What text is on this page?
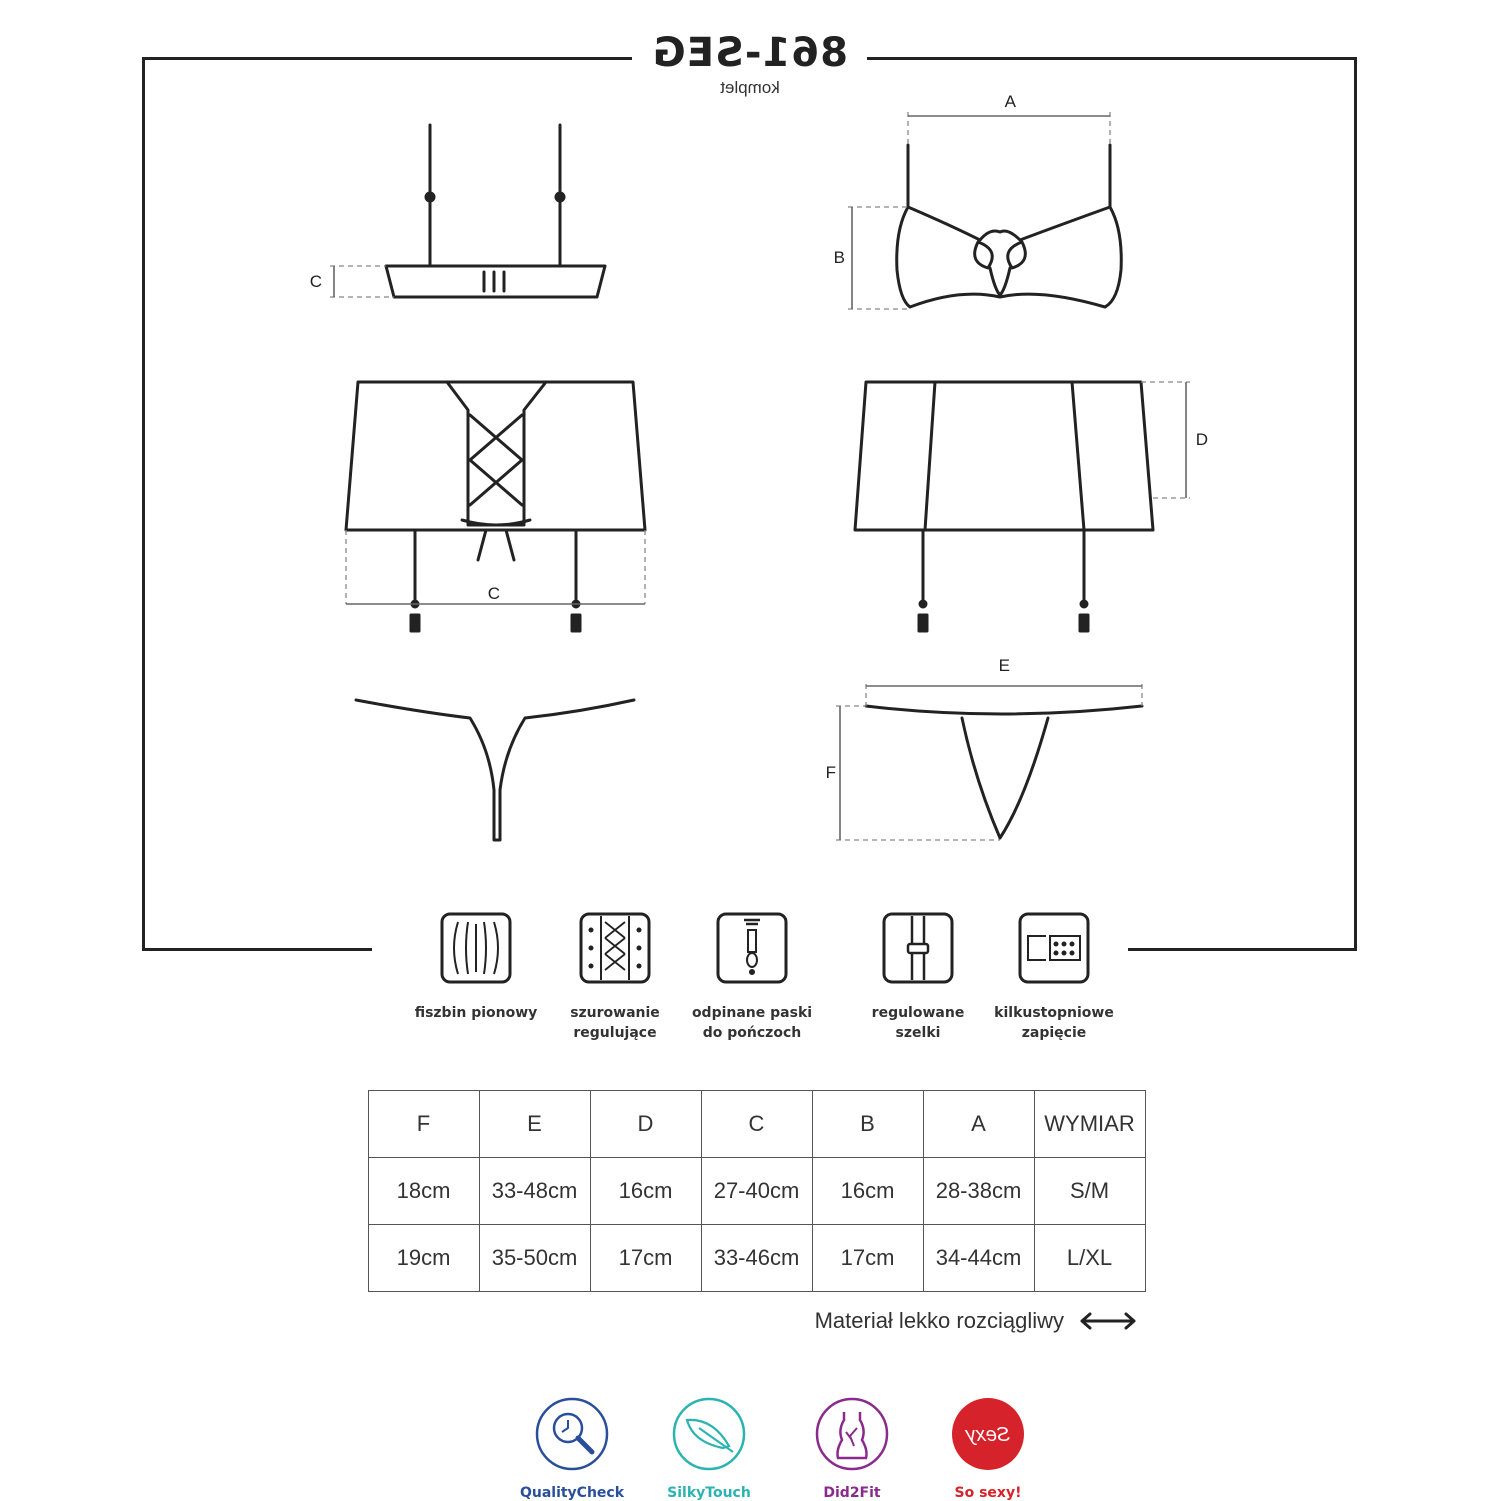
861-SEG
komplet
A
B
C
D
C
E
F
kilkustopniowe
zapięcie
regulowane
szelki
odpinane paski
do pończoch
szurowanie
regulujące
fiszbin pionowy
WYMIAR	A	B	C	D	E	F
S/M	28-38cm	16cm	27-40cm	16cm	33-48cm	18cm
L/XL	34-44cm	17cm	33-46cm	17cm	35-50cm	19cm
Materiał lekko rozciągliwy
Sexy
So sexy!
Did2Fit
SilkyTouch
QualityCheck
